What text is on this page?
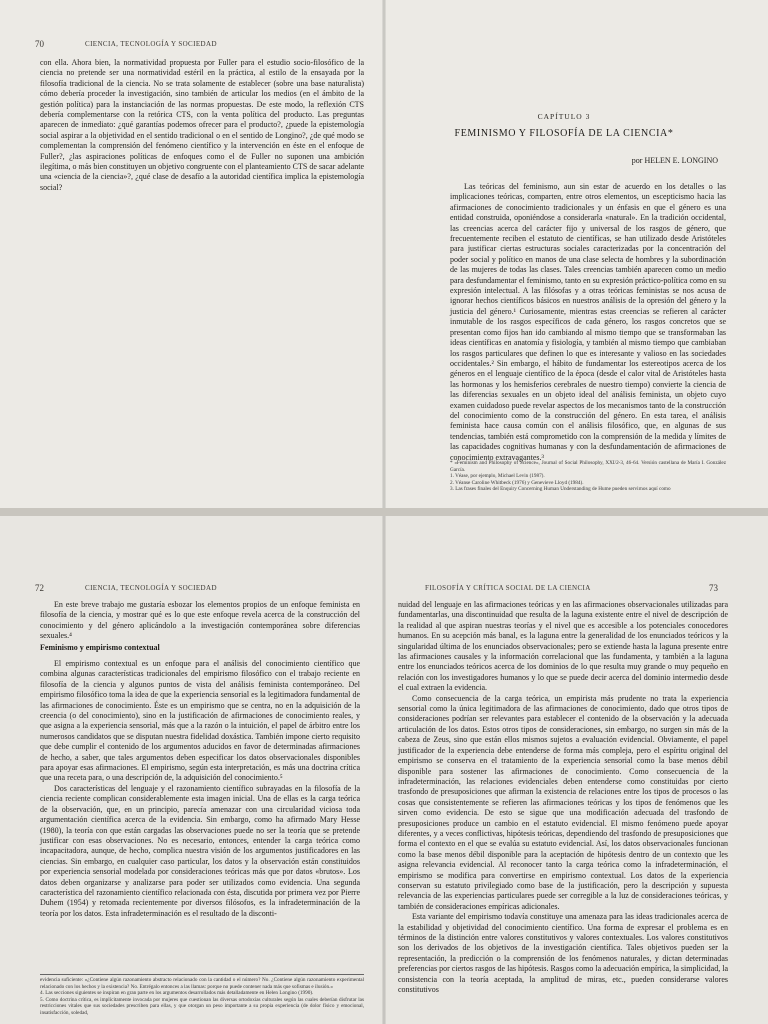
70	CIENCIA, TECNOLOGÍA Y SOCIEDAD

con ella. Ahora bien, la normatividad propuesta por Fuller para el estudio socio-filosófico de la ciencia no pretende ser una normatividad estéril en la práctica, al estilo de la ensayada por la filosofía tradicional de la ciencia. No se trata solamente de establecer (sobre una base naturalista) cómo debería proceder la investigación, sino también de articular los medios (en el ámbito de la gestión política) para la instanciación de las normas propuestas. De este modo, la reflexión CTS debería complementarse con la retórica CTS, con la venta política del producto. Las preguntas aparecen de inmediato: ¿qué garantías podemos ofrecer para el producto?, ¿puede la epistemología social aspirar a la objetividad en el sentido tradicional o en el sentido de Longino?, ¿de qué modo se complementan la comprensión del fenómeno científico y la intervención en éste en el enfoque de Fuller?, ¿las aspiraciones políticas de enfoques como el de Fuller no suponen una ambición ilegítima, o más bien constituyen un objetivo congruente con el planteamiento CTS de sacar adelante una «ciencia de la ciencia»?, ¿qué clase de desafío a la autoridad científica implica la epistemología social?

CAPÍTULO 3
FEMINISMO Y FILOSOFÍA DE LA CIENCIA*
por HELEN E. LONGINO

Las teóricas del feminismo, aun sin estar de acuerdo en los detalles o las implicaciones teóricas, comparten, entre otros elementos, un escepticismo hacia las afirmaciones de conocimiento tradicionales y un énfasis en que el género es una entidad construida, oponiéndose a considerarla «natural». En la tradición occidental, las creencias acerca del carácter fijo y universal de los rasgos de género, que frecuentemente reciben el estatuto de científicas, se han utilizado desde Aristóteles para justificar ciertas estructuras sociales caracterizadas por la concentración del poder social y político en manos de una clase selecta de hombres y la subordinación de las mujeres de todas las clases. Tales creencias también aparecen como un medio para desfundamentar el feminismo, tanto en su expresión práctico-política como en su expresión intelectual. A las filósofas y a otras teóricas feministas se nos acusa de ignorar hechos científicos básicos en nuestros análisis de la opresión del género y la justicia del género.¹ Curiosamente, mientras estas creencias se refieren al carácter inmutable de los rasgos específicos de cada género, los rasgos concretos que se presentan como fijos han ido cambiando al mismo tiempo que se transformaban las ideas científicas en anatomía y fisiología, y también al mismo tiempo que cambiaban los rasgos particulares que definen lo que es interesante y valioso en las sociedades occidentales.² Sin embargo, el hábito de fundamentar los estereotipos acerca de los géneros en el lenguaje científico de la época (desde el calor vital de Aristóteles hasta las hormonas y los hemisferios cerebrales de nuestro tiempo) convierte la ciencia de las diferencias sexuales en un objeto ideal del análisis feminista, un objeto cuyo examen cuidadoso puede revelar aspectos de los mecanismos tanto de la construcción del conocimiento como de la construcción del género. En esta tarea, el análisis feminista hace causa común con el análisis filosófico, que, en algunas de sus tendencias, también está comprometido con la comprensión de la medida y límites de las capacidades cognitivas humanas y con la desfundamentación de afirmaciones de conocimiento extravagantes.³

* «Feminism and Philosophy of Science», Journal of Social Philosophy, XXI/2-3, 46-64. Versión castellana de María I. González García.
1. Véase, por ejemplo, Michael Levin (1987).
2. Véanse Caroline Whitbeck (1976) y Genevieve Lloyd (1984).
3. Las frases finales del Enquiry Concerning Human Understanding de Hume pueden servirnos aquí como
72	CIENCIA, TECNOLOGÍA Y SOCIEDAD

En este breve trabajo me gustaría esbozar los elementos propios de un enfoque feminista en filosofía de la ciencia, y mostrar qué es lo que este enfoque revela acerca de la construcción del conocimiento y del género aplicándolo a la investigación contemporánea sobre diferencias sexuales.⁴

Feminismo y empirismo contextual

El empirismo contextual es un enfoque para el análisis del conocimiento científico que combina algunas características tradicionales del empirismo filosófico con el trabajo reciente en filosofía de la ciencia y algunos puntos de vista del análisis feminista contemporáneo. Del empirismo filosófico toma la idea de que la experiencia sensorial es la legitimadora fundamental de las afirmaciones de conocimiento. Éste es un empirismo que se centra, no en la adquisición de la creencia (o del conocimiento), sino en la justificación de afirmaciones de conocimiento reales, y que asigna a la experiencia sensorial, más que a la razón o la intuición, el papel de árbitro entre los numerosos candidatos que se disputan nuestra fidelidad doxástica. También impone cierto requisito que debe cumplir el contenido de los argumentos aducidos en favor de determinadas afirmaciones de hecho, a saber, que tales argumentos deben especificar los datos observacionales disponibles para apoyar esas afirmaciones. El empirismo, según esta interpretación, es más una doctrina crítica que una receta para, o una descripción de, la adquisición del conocimiento.⁵

Dos características del lenguaje y el razonamiento científico subrayadas en la filosofía de la ciencia reciente complican considerablemente esta imagen inicial. Una de ellas es la carga teórica de la observación, que, en un principio, parecía amenazar con una circularidad viciosa toda argumentación científica acerca de la evidencia. Sin embargo, como ha afirmado Mary Hesse (1980), la teoría con que están cargadas las observaciones puede no ser la teoría que se pretende justificar con esas observaciones. No es necesario, entonces, entender la carga teórica como incapacitadora, aunque, de hecho, complica nuestra visión de los argumentos justificadores en las ciencias. Sin embargo, en cualquier caso particular, los datos y la observación están constituidos por experiencia sensorial modelada por consideraciones teóricas más que por datos «brutos». Los datos deben organizarse y analizarse para poder ser utilizados como evidencia. Una segunda característica del razonamiento científico relacionada con ésta, discutida por primera vez por Pierre Duhem (1954) y retomada recientemente por diversos filósofos, es la infradeterminación de la teoría por los datos. Esta infradeterminación es el resultado de la disconti-

evidencia suficiente: «¿Contiene algún razonamiento abstracto relacionado con la cantidad o el número? No. ¿Contiene algún razonamiento experimental relacionado con los hechos y la existencia? No. Entrégalo entonces a las llamas: porque no puede contener nada más que sofismas e ilusión.»
4. Las secciones siguientes se inspiran en gran parte en los argumentos desarrollados más detalladamente en Helen Longino (1990).
5. Como doctrina crítica, es implícitamente invocada por mujeres que cuestionan las diversas ortodoxias culturales según las cuales deberían disfrutar las restricciones vitales que sus sociedades prescriben para ellas, y que otorgan un peso importante a su propia experiencia (de dolor físico y emocional, insatisfacción, soledad,
FILOSOFÍA Y CRÍTICA SOCIAL DE LA CIENCIA	73

nuidad del lenguaje en las afirmaciones teóricas y en las afirmaciones observacionales utilizadas para fundamentarlas, una discontinuidad que resulta de la laguna existente entre el nivel de descripción de la realidad al que aspiran nuestras teorías y el nivel que es accesible a los potenciales conocedores humanos. En su acepción más banal, es la laguna entre la generalidad de los enunciados teóricos y la singularidad última de los enunciados observacionales; pero se extiende hasta la laguna presente entre las afirmaciones causales y la información correlacional que las fundamenta, y también a la laguna entre los enunciados teóricos acerca de los dominios de lo que resulta muy grande o muy pequeño en relación con los investigadores humanos y lo que se puede decir acerca del dominio intermedio desde el cual extraen la evidencia.

Como consecuencia de la carga teórica, un empirista más prudente no trata la experiencia sensorial como la única legitimadora de las afirmaciones de conocimiento, dado que otros tipos de consideraciones podrían ser relevantes para establecer el contenido de la observación y la adecuada articulación de los datos. Estos otros tipos de consideraciones, sin embargo, no surgen sin más de la cabeza de Zeus, sino que están ellos mismos sujetos a evaluación evidencial. Obviamente, el papel justificador de la experiencia debe entenderse de forma más compleja, pero el espíritu original del empirismo se conserva en el tratamiento de la experiencia sensorial como la base menos débil disponible para sostener las afirmaciones de conocimiento. Como consecuencia de la infradeterminación, las relaciones evidenciales deben entenderse como constituidas por cierto trasfondo de presuposiciones que afirman la existencia de relaciones entre los tipos de procesos o las cosas que consistentemente se refieren las afirmaciones teóricas y los tipos de fenómenos que les sirven como evidencia. De esto se sigue que una modificación adecuada del trasfondo de presuposiciones produce un cambio en el estatuto evidencial. El mismo fenómeno puede apoyar diferentes, y a veces conflictivas, hipótesis teóricas, dependiendo del trasfondo de presuposiciones que forma el contexto en el que se evalúa su estatuto evidencial. Así, los datos observacionales funcionan como la base menos débil disponible para la aceptación de hipótesis dentro de un contexto que les asigna relevancia evidencial. Al reconocer tanto la carga teórica como la infradeterminación, el empirismo se modifica para convertirse en empirismo contextual. Los datos de la experiencia conservan su estatuto privilegiado como base de la justificación, pero la descripción y supuesta relevancia de las experiencias particulares puede ser corregible a la luz de consideraciones teóricas, y también de consideraciones empíricas adicionales.

Esta variante del empirismo todavía constituye una amenaza para las ideas tradicionales acerca de la estabilidad y objetividad del conocimiento científico. Una forma de expresar el problema es en términos de la distinción entre valores constitutivos y valores contextuales. Los valores constitutivos son los derivados de los objetivos de la investigación científica. Tales objetivos pueden ser la representación, la predicción o la comprensión de los fenómenos naturales, y dictan determinadas preferencias por ciertos rasgos de las hipótesis. Rasgos como la adecuación empírica, la simplicidad, la consistencia con la teoría aceptada, la amplitud de miras, etc., pueden considerarse valores constitutivos
